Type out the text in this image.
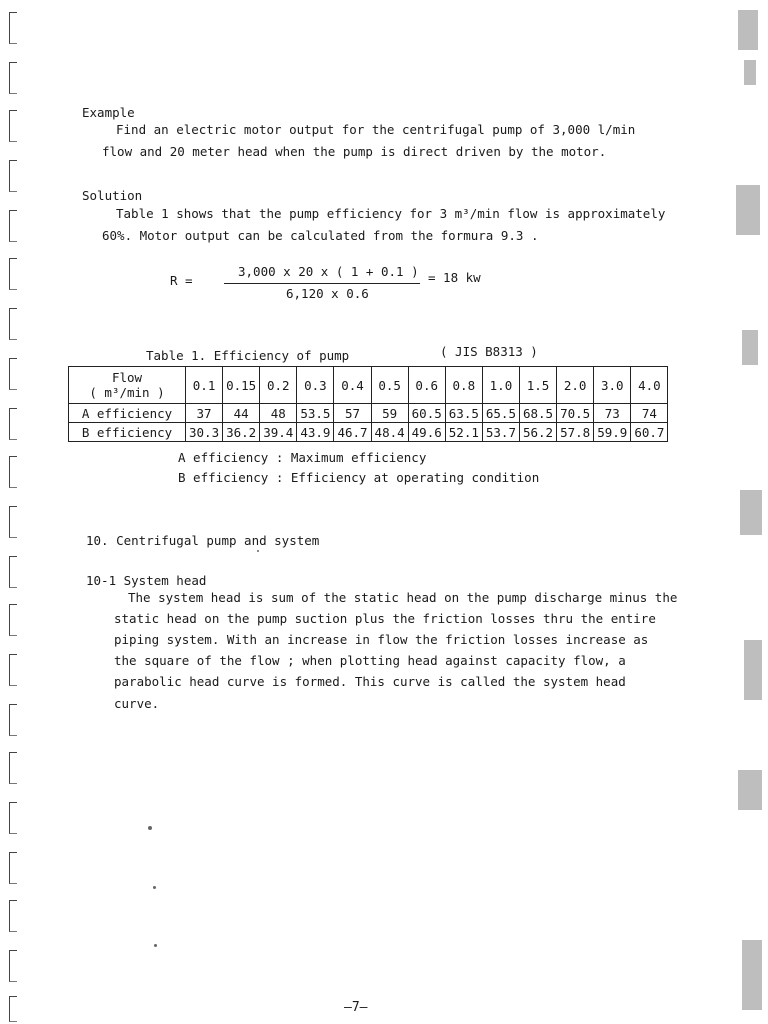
Example
Find an electric motor output for the centrifugal pump of 3,000 l/min
flow and 20 meter head when the pump is direct driven by the motor.
Solution
Table 1 shows that the pump efficiency for 3 m³/min flow is approximately
60%. Motor output can be calculated from the formura 9.3 .
R =
3,000 x 20 x ( 1 + 0.1 )
6,120 x 0.6
= 18 kw
Table 1. Efficiency of pump	( JIS B8313 )
Flow
( m³/min )	0.1	0.15	0.2	0.3	0.4	0.5	0.6	0.8	1.0	1.5	2.0	3.0	4.0
A efficiency	37	44	48	53.5	57	59	60.5	63.5	65.5	68.5	70.5	73	74
B efficiency	30.3	36.2	39.4	43.9	46.7	48.4	49.6	52.1	53.7	56.2	57.8	59.9	60.7
A efficiency : Maximum efficiency
B efficiency : Efficiency at operating condition
10. Centrifugal pump and system
10-1 System head
The system head is sum of the static head on the pump discharge minus the
static head on the pump suction plus the friction losses thru the entire
piping system. With an increase in flow the friction losses increase as
the square of the flow ; when plotting head against capacity flow, a
parabolic head curve is formed. This curve is called the system head
curve.
—7—
